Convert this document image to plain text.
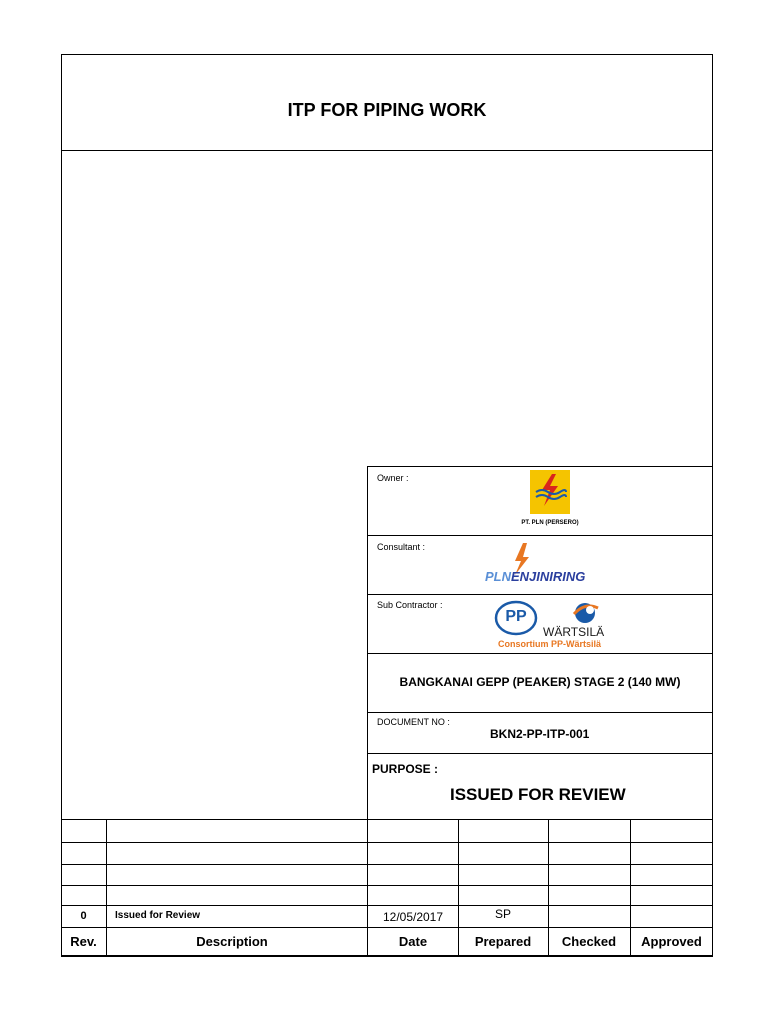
ITP FOR PIPING WORK
Owner :
PT. PLN (PERSERO)
Consultant :
PLNENJINIRING
Sub Contractor :
PP
WÄRTSILÄ
Consortium PP-Wärtsilä
BANGKANAI GEPP (PEAKER) STAGE 2 (140 MW)
DOCUMENT NO :
BKN2-PP-ITP-001
PURPOSE :
ISSUED FOR REVIEW
0	Issued for Review	12/05/2017	SP
Rev.	Description	Date	Prepared	Checked	Approved
